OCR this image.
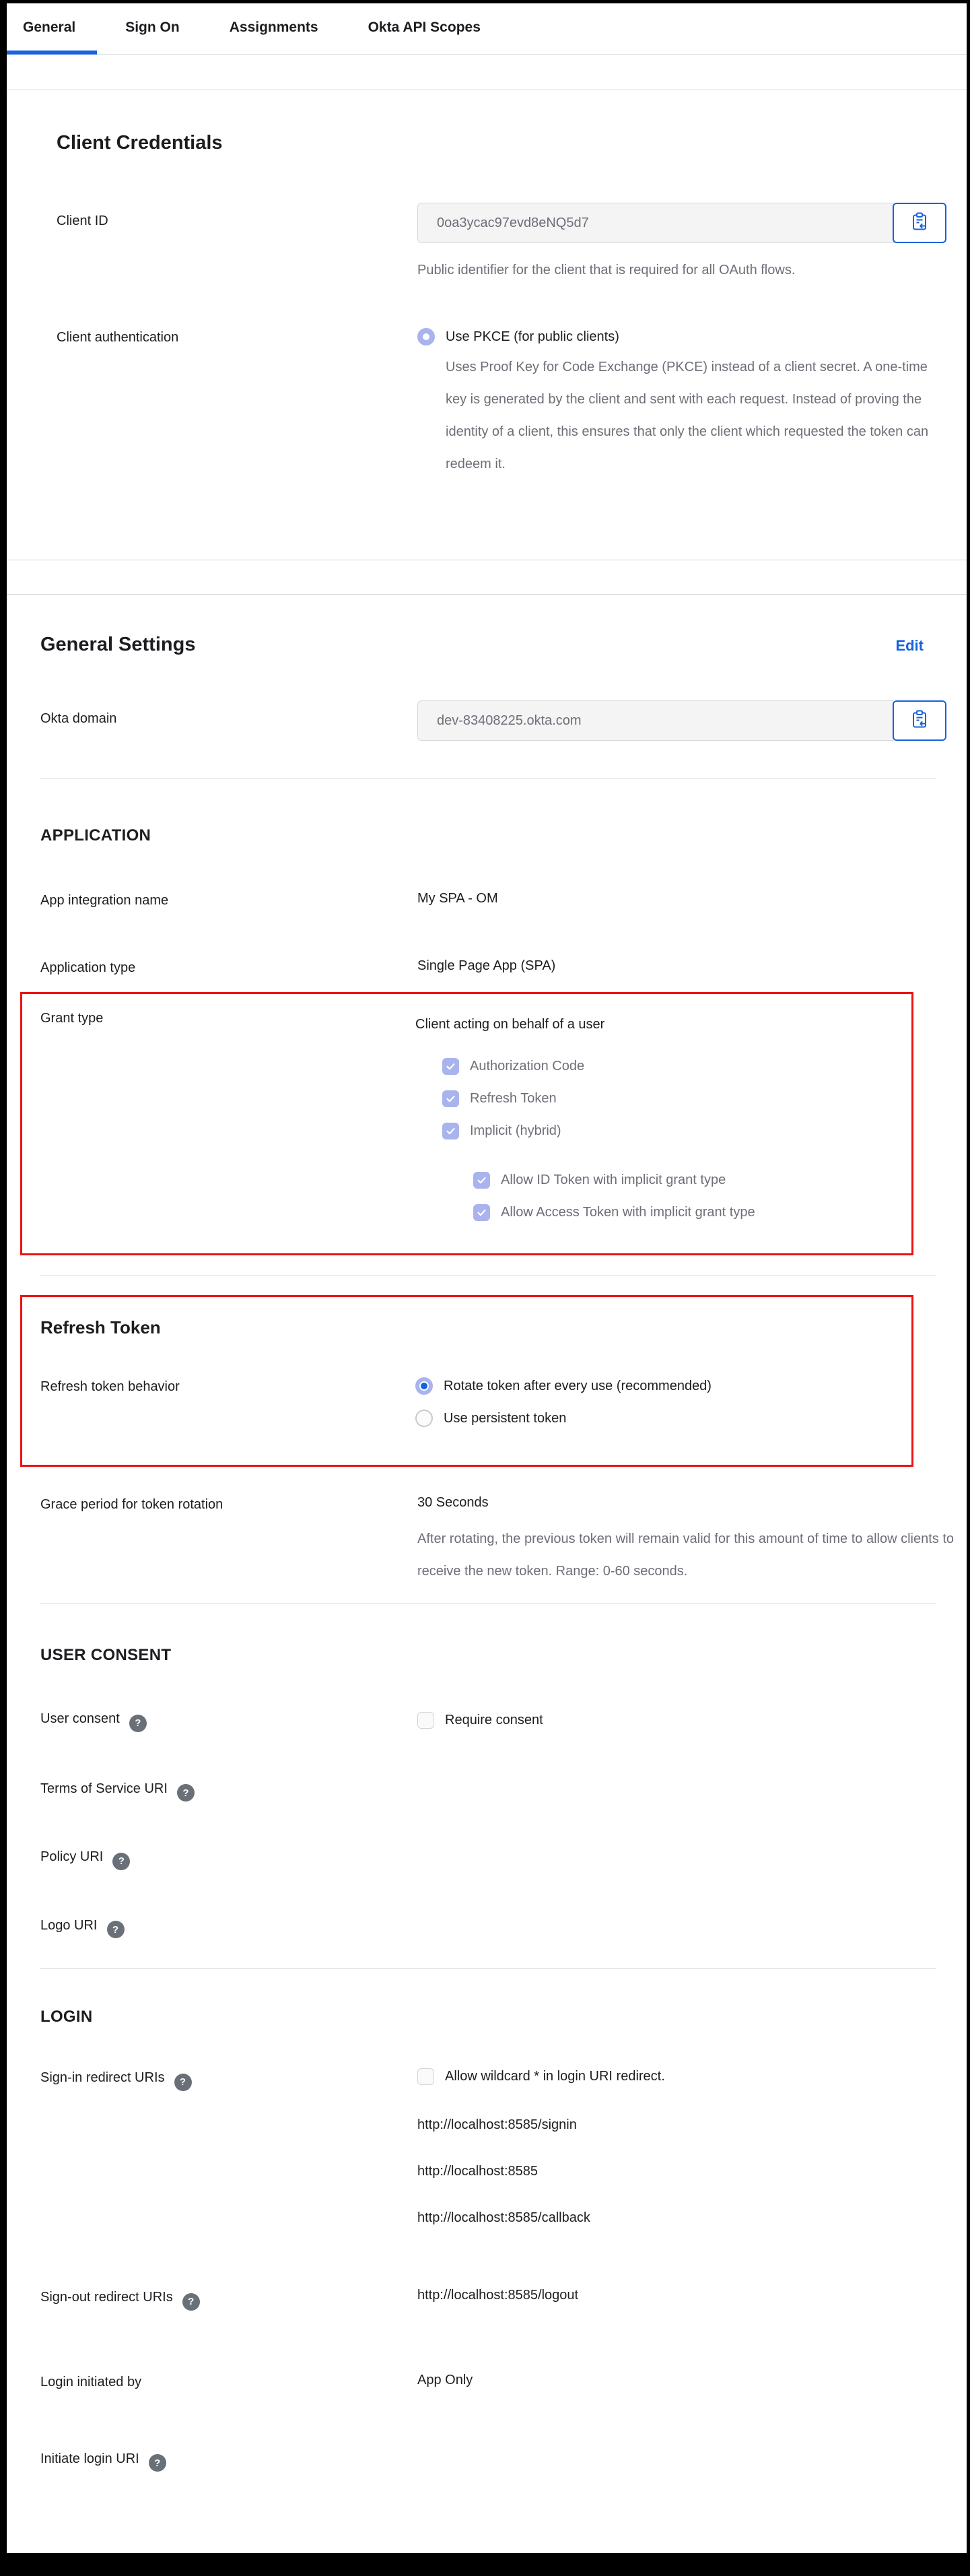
General	Sign On	Assignments	Okta API Scopes
Client Credentials
Client ID	0oa3ycac97evd8eNQ5d7
Public identifier for the client that is required for all OAuth flows.
Client authentication	Use PKCE (for public clients)
Uses Proof Key for Code Exchange (PKCE) instead of a client secret. A one-time key is generated by the client and sent with each request. Instead of proving the identity of a client, this ensures that only the client which requested the token can redeem it.
General Settings	Edit
Okta domain	dev-83408225.okta.com
APPLICATION
App integration name	My SPA - OM
Application type	Single Page App (SPA)
Grant type	Client acting on behalf of a user
Authorization Code
Refresh Token
Implicit (hybrid)
Allow ID Token with implicit grant type
Allow Access Token with implicit grant type
Refresh Token
Refresh token behavior	Rotate token after every use (recommended)
Use persistent token
Grace period for token rotation	30 Seconds
After rotating, the previous token will remain valid for this amount of time to allow clients to receive the new token. Range: 0-60 seconds.
USER CONSENT
User consent ?	Require consent
Terms of Service URI ?
Policy URI ?
Logo URI ?
LOGIN
Sign-in redirect URIs ?	Allow wildcard * in login URI redirect.
http://localhost:8585/signin
http://localhost:8585
http://localhost:8585/callback
Sign-out redirect URIs ?	http://localhost:8585/logout
Login initiated by	App Only
Initiate login URI ?
